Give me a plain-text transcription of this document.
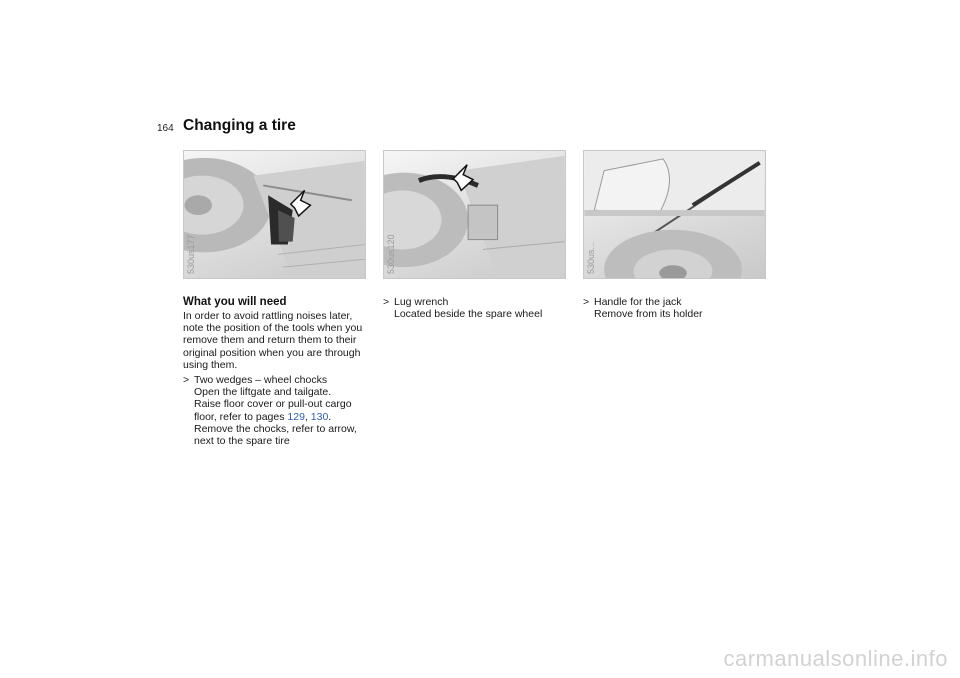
164 Changing a tire
530us177	530us120	530us...
What you will need

In order to avoid rattling noises later, note the position of the tools when you remove them and return them to their original position when you are through using them.

> Two wedges – wheel chocks
Open the liftgate and tailgate.
Raise floor cover or pull-out cargo
floor, refer to pages 129, 130.
Remove the chocks, refer to arrow,
next to the spare tire
> Lug wrench
Located beside the spare wheel
> Handle for the jack
Remove from its holder
carmanualsonline.info
